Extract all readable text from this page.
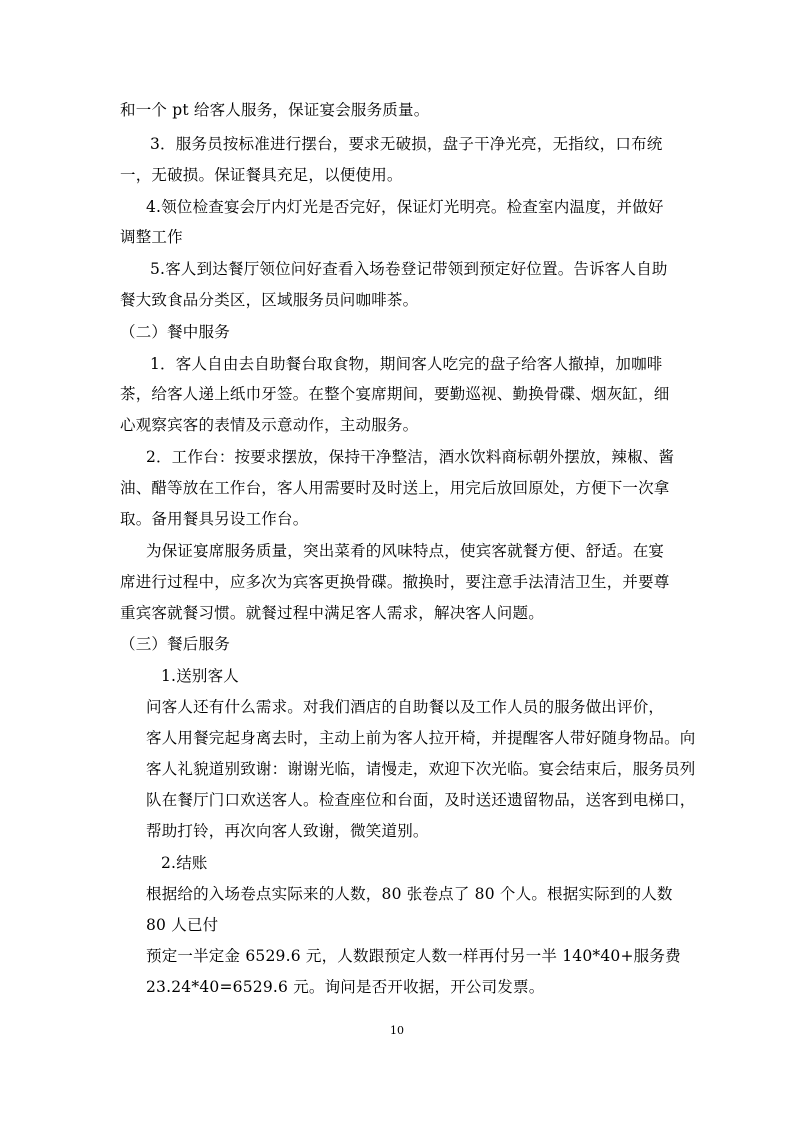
和一个 pt 给客人服务，保证宴会服务质量。
3．服务员按标准进行摆台，要求无破损，盘子干净光亮，无指纹，口布统
一，无破损。保证餐具充足，以便使用。
4.领位检查宴会厅内灯光是否完好，保证灯光明亮。检查室内温度，并做好
调整工作
5.客人到达餐厅领位问好查看入场卷登记带领到预定好位置。告诉客人自助
餐大致食品分类区，区域服务员问咖啡茶。
（二）餐中服务
1．客人自由去自助餐台取食物，期间客人吃完的盘子给客人撤掉，加咖啡
茶，给客人递上纸巾牙签。在整个宴席期间，要勤巡视、勤换骨碟、烟灰缸，细
心观察宾客的表情及示意动作，主动服务。
2．工作台：按要求摆放，保持干净整洁，酒水饮料商标朝外摆放，辣椒、酱
油、醋等放在工作台，客人用需要时及时送上，用完后放回原处，方便下一次拿
取。备用餐具另设工作台。
为保证宴席服务质量，突出菜肴的风味特点，使宾客就餐方便、舒适。在宴
席进行过程中，应多次为宾客更换骨碟。撤换时，要注意手法清洁卫生，并要尊
重宾客就餐习惯。就餐过程中满足客人需求，解决客人问题。
（三）餐后服务
1.送别客人
问客人还有什么需求。对我们酒店的自助餐以及工作人员的服务做出评价，
客人用餐完起身离去时，主动上前为客人拉开椅，并提醒客人带好随身物品。向
客人礼貌道别致谢：谢谢光临，请慢走，欢迎下次光临。宴会结束后，服务员列
队在餐厅门口欢送客人。检查座位和台面，及时送还遗留物品，送客到电梯口，
帮助打铃，再次向客人致谢，微笑道别。
2.结账
根据给的入场卷点实际来的人数，80 张卷点了 80 个人。根据实际到的人数
80 人已付
预定一半定金 6529.6 元，人数跟预定人数一样再付另一半 140*40+服务费
23.24*40=6529.6 元。询问是否开收据，开公司发票。
10
